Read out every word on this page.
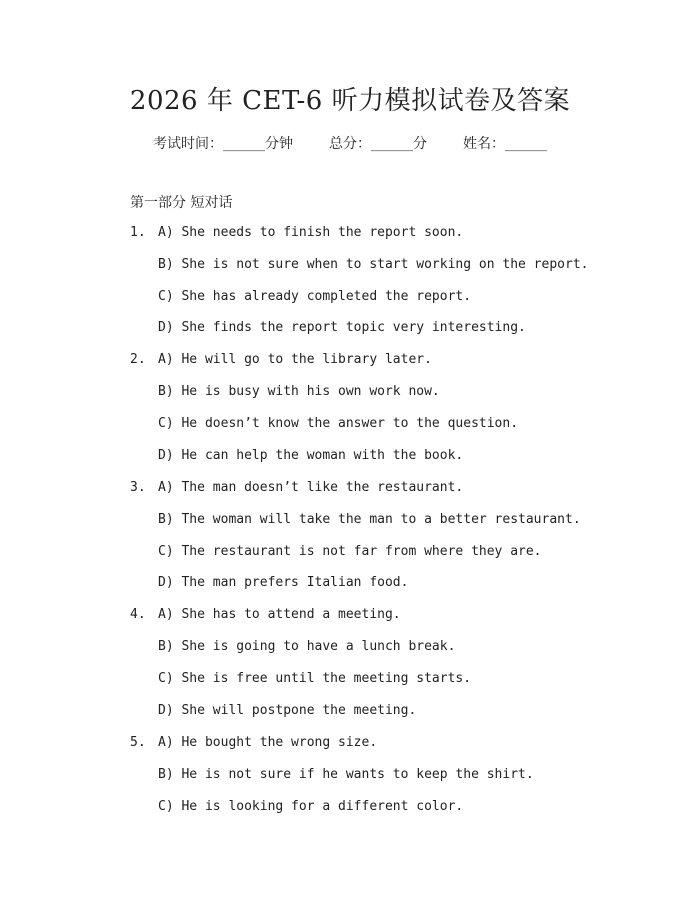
2026 年 CET-6 听力模拟试卷及答案
考试时间：______分钟	总分：______分	姓名：______
第一部分 短对话

1.

A) She needs to finish the report soon.

B) She is not sure when to start working on the report.

C) She has already completed the report.

D) She finds the report topic very interesting.

2.

A) He will go to the library later.

B) He is busy with his own work now.

C) He doesn’t know the answer to the question.

D) He can help the woman with the book.

3.

A) The man doesn’t like the restaurant.

B) The woman will take the man to a better restaurant.

C) The restaurant is not far from where they are.

D) The man prefers Italian food.

4.

A) She has to attend a meeting.

B) She is going to have a lunch break.

C) She is free until the meeting starts.

D) She will postpone the meeting.

5.

A) He bought the wrong size.

B) He is not sure if he wants to keep the shirt.

C) He is looking for a different color.
